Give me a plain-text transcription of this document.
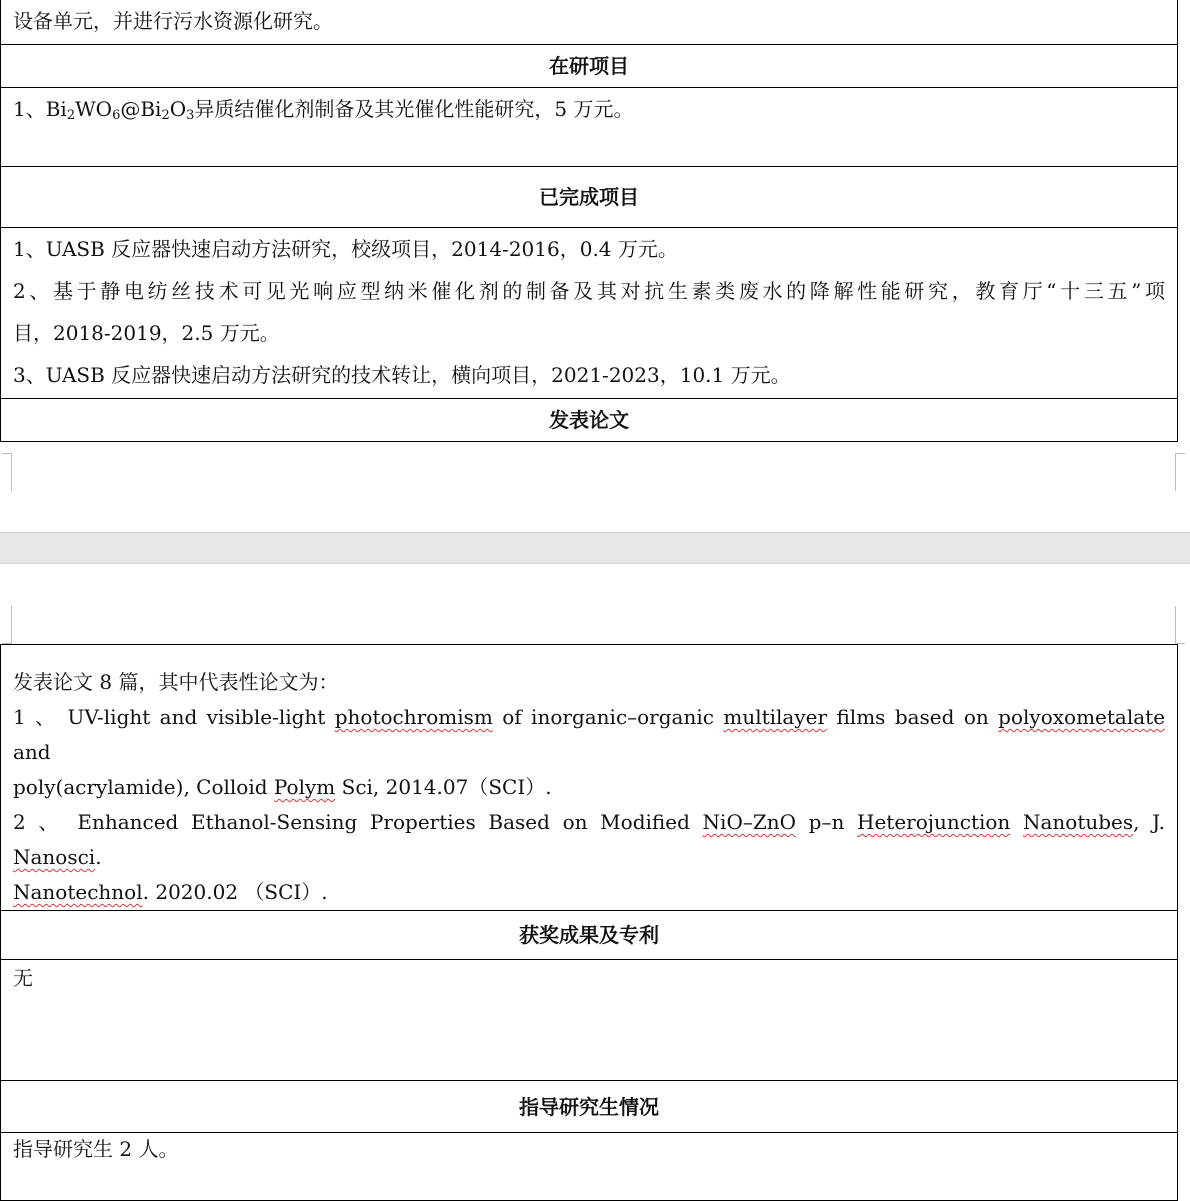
设备单元，并进行污水资源化研究。
在研项目
1、$Bi_2WO_6@Bi_2O_3$异质结催化剂制备及其光催化性能研究，5 万元。
已完成项目

1、UASB 反应器快速启动方法研究，校级项目，2014-2016，0.4 万元。
2、基于静电纺丝技术可见光响应型纳米催化剂的制备及其对抗生素类废水的降解性能研究，教育厅“十三五”项
目，2018-2019，2.5 万元。
3、UASB 反应器快速启动方法研究的技术转让，横向项目，2021-2023，10.1 万元。

发表论文
发表论文 8 篇，其中代表性论文为：
1 、 UV-light and visible-light photochromism of inorganic–organic multilayer films based on polyoxometalate and
poly(acrylamide), Colloid Polym Sci, 2014.07（SCI）.
2 、 Enhanced Ethanol-Sensing Properties Based on Modified NiO–ZnO p–n Heterojunction Nanotubes, J. Nanosci.
Nanotechnol. 2020.02 （SCI）.

获奖成果及专利
无
指导研究生情况
指导研究生 2 人。
